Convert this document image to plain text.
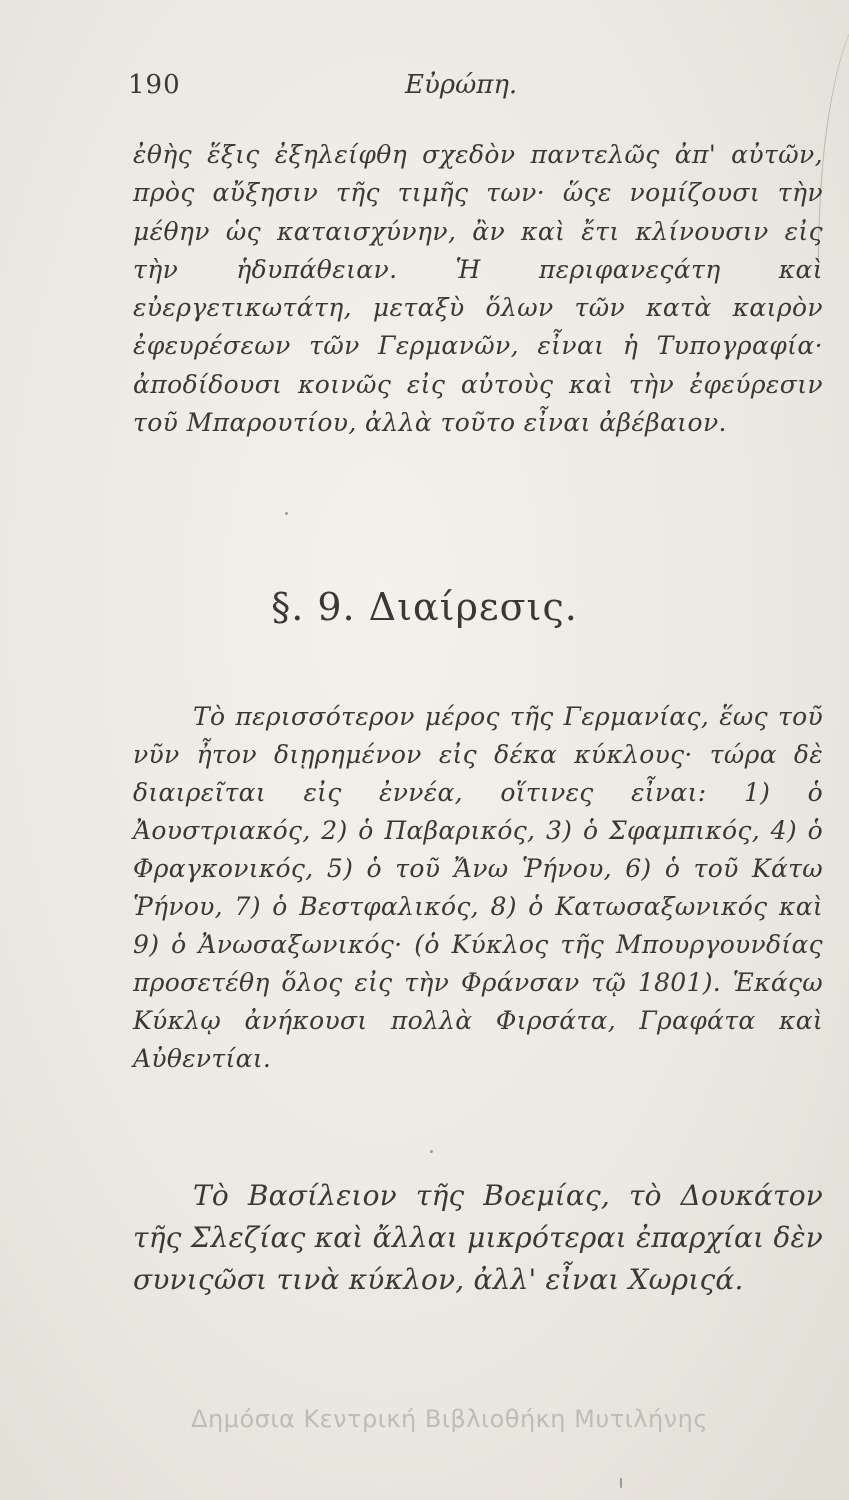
190	Εὐρώπη.
ἐθὴς ἕξις ἐξηλείφθη σχεδὸν παντελῶς ἀπ' αὐτῶν, πρὸς αὔξησιν τῆς τιμῆς των· ὥςε νομίζουσι τὴν μέθην ὡς καταισχύνην, ἂν καὶ ἔτι κλίνουσιν εἰς τὴν ἡδυπάθειαν. Ἡ περιφανεςάτη καὶ εὐεργετικωτάτη, μεταξὺ ὅλων τῶν κατὰ καιρὸν ἐφευρέσεων τῶν Γερμανῶν, εἶναι ἡ Τυπογραφία· ἀποδίδουσι κοινῶς εἰς αὐτοὺς καὶ τὴν ἐφεύρεσιν τοῦ Μπαρουτίου, ἀλλὰ τοῦτο εἶναι ἀβέβαιον.
§. 9. Διαίρεσις.
Τὸ περισσότερον μέρος τῆς Γερμανίας, ἕως τοῦ νῦν ἦτον διῃρημένον εἰς δέκα κύκλους· τώρα δὲ διαιρεῖται εἰς ἐννέα, οἵτινες εἶναι: 1) ὁ Ἀουστριακός, 2) ὁ Παβαρικός, 3) ὁ Σφαμπικός, 4) ὁ Φραγκονικός, 5) ὁ τοῦ Ἄνω Ῥήνου, 6) ὁ τοῦ Κάτω Ῥήνου, 7) ὁ Βεστφαλικός, 8) ὁ Κατωσαξωνικός καὶ 9) ὁ Ἀνωσαξωνικός· (ὁ Κύκλος τῆς Μπουργουνδίας προσετέθη ὅλος εἰς τὴν Φράνσαν τῷ 1801). Ἑκάςω Κύκλῳ ἀνήκουσι πολλὰ Φιρσάτα, Γραφάτα καὶ Αὐθεντίαι.
Τὸ Βασίλειον τῆς Βοεμίας, τὸ Δουκάτον τῆς Σλεζίας καὶ ἄλλαι μικρότεραι ἐπαρχίαι δὲν συνιςῶσι τινὰ κύκλον, ἀλλ' εἶναι Χωριςά.
Δημόσια Κεντρική Βιβλιοθήκη Μυτιλήνης
